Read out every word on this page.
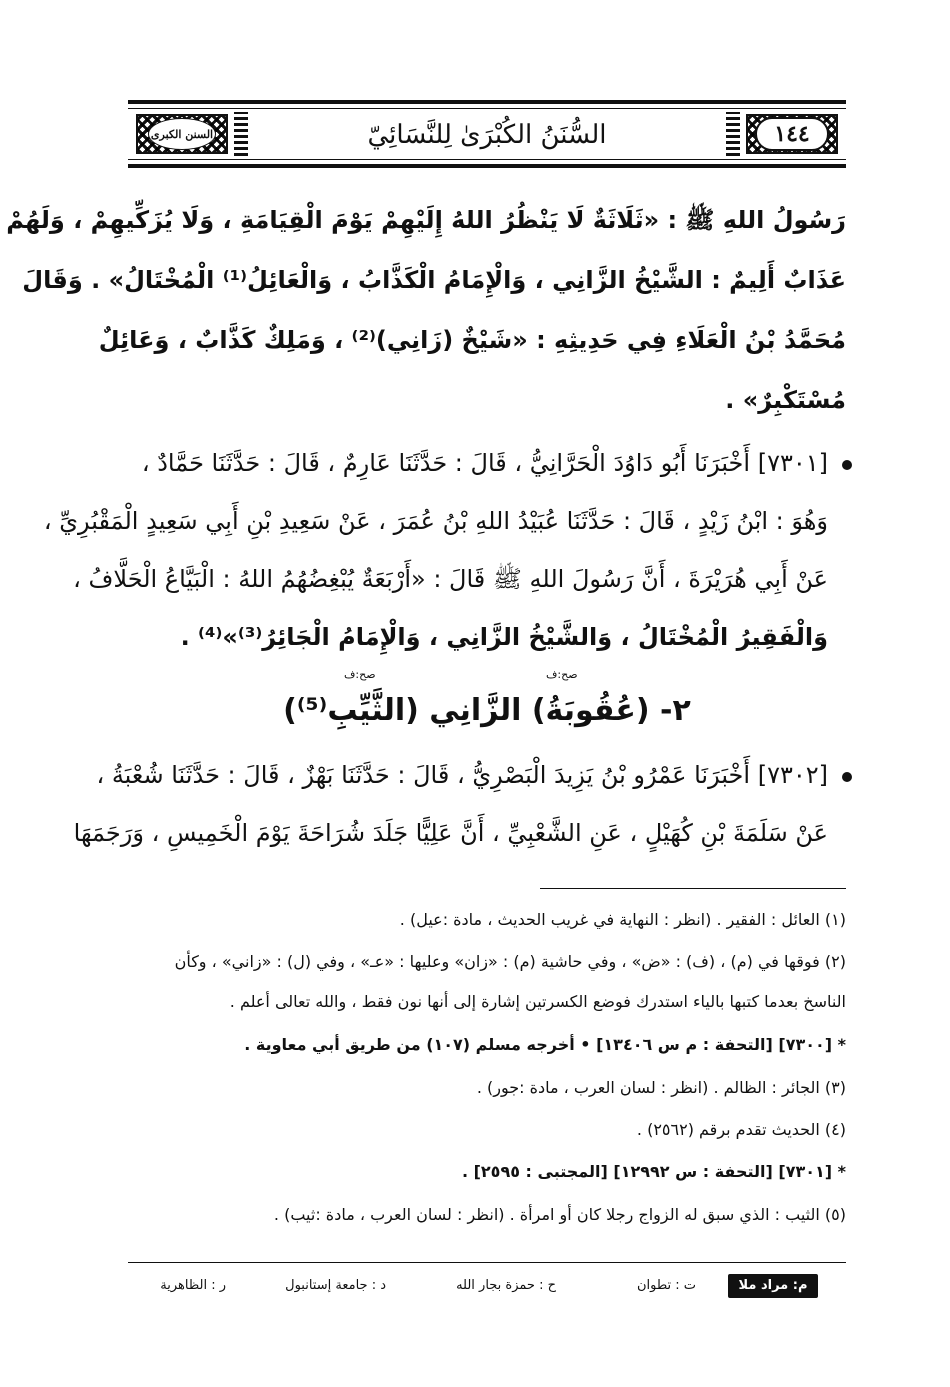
السنن الكبرى	١٤٤
السُّنَنُ الكُبْرَىٰ لِلنَّسَائِيّ
رَسُولُ اللهِ ﷺ : «ثَلَاثَةٌ لَا يَنْظُرُ اللهُ إِلَيْهِمْ يَوْمَ الْقِيَامَةِ ، وَلَا يُزَكِّيهِمْ ، وَلَهُمْ
عَذَابٌ أَلِيمٌ : الشَّيْخُ الزَّانِي ، وَالْإِمَامُ الْكَذَّابُ ، وَالْعَائِلُ⁽¹⁾ الْمُخْتَالُ» . وَقَالَ
مُحَمَّدُ بْنُ الْعَلَاءِ فِي حَدِيثِهِ : «شَيْخٌ (زَانِي)⁽²⁾ ، وَمَلِكٌ كَذَّابٌ ، وَعَائِلٌ
مُسْتَكْبِرٌ» .
[٧٣٠١] أَخْبَرَنَا أَبُو دَاوُدَ الْحَرَّانِيُّ ، قَالَ : حَدَّثَنَا عَارِمٌ ، قَالَ : حَدَّثَنَا حَمَّادٌ ،
وَهُوَ : ابْنُ زَيْدٍ ، قَالَ : حَدَّثَنَا عُبَيْدُ اللهِ بْنُ عُمَرَ ، عَنْ سَعِيدِ بْنِ أَبِي سَعِيدٍ الْمَقْبُرِيِّ ،
عَنْ أَبِي هُرَيْرَةَ ، أَنَّ رَسُولَ اللهِ ﷺ قَالَ : «أَرْبَعَةٌ يُبْغِضُهُمُ اللهُ : الْبَيَّاعُ الْحَلَّافُ ،
وَالْفَقِيرُ الْمُخْتَالُ ، وَالشَّيْخُ الزَّانِي ، وَالْإِمَامُ الْجَائِرُ⁽³⁾»⁽⁴⁾ .
صح:ف
صح:ف
٢- (عُقُوبَةُ) الزَّانِي (الثَّيِّبِ⁽⁵⁾)
[٧٣٠٢] أَخْبَرَنَا عَمْرُو بْنُ يَزِيدَ الْبَصْرِيُّ ، قَالَ : حَدَّثَنَا بَهْزٌ ، قَالَ : حَدَّثَنَا شُعْبَةُ ،
عَنْ سَلَمَةَ بْنِ كُهَيْلٍ ، عَنِ الشَّعْبِيِّ ، أَنَّ عَلِيًّا جَلَدَ شُرَاحَةَ يَوْمَ الْخَمِيسِ ، وَرَجَمَهَا
(١) العائل : الفقير . (انظر : النهاية في غريب الحديث ، مادة :عيل) .
(٢) فوقها في (م) ، (ف) : «ض» ، وفي حاشية (م) : «زان» وعليها : «عـ» ، وفي (ل) : «زاني» ، وكأن
الناسخ بعدما كتبها بالياء استدرك فوضع الكسرتين إشارة إلى أنها نون فقط ، والله تعالى أعلم .
* [٧٣٠٠] [التحفة : م س ١٣٤٠٦] • أخرجه مسلم (١٠٧) من طريق أبي معاوية .
(٣) الجائر : الظالم . (انظر : لسان العرب ، مادة :جور) .
(٤) الحديث تقدم برقم (٢٥٦٢) .
* [٧٣٠١] [التحفة : س ١٢٩٩٢] [المجتبى : ٢٥٩٥] .
(٥) الثيب : الذي سبق له الزواج رجلا كان أو امرأة . (انظر : لسان العرب ، مادة :ثيب) .
م: مراد ملا
ت : تطوان
ح : حمزة بجار الله
د : جامعة إستانبول
ر : الظاهرية
